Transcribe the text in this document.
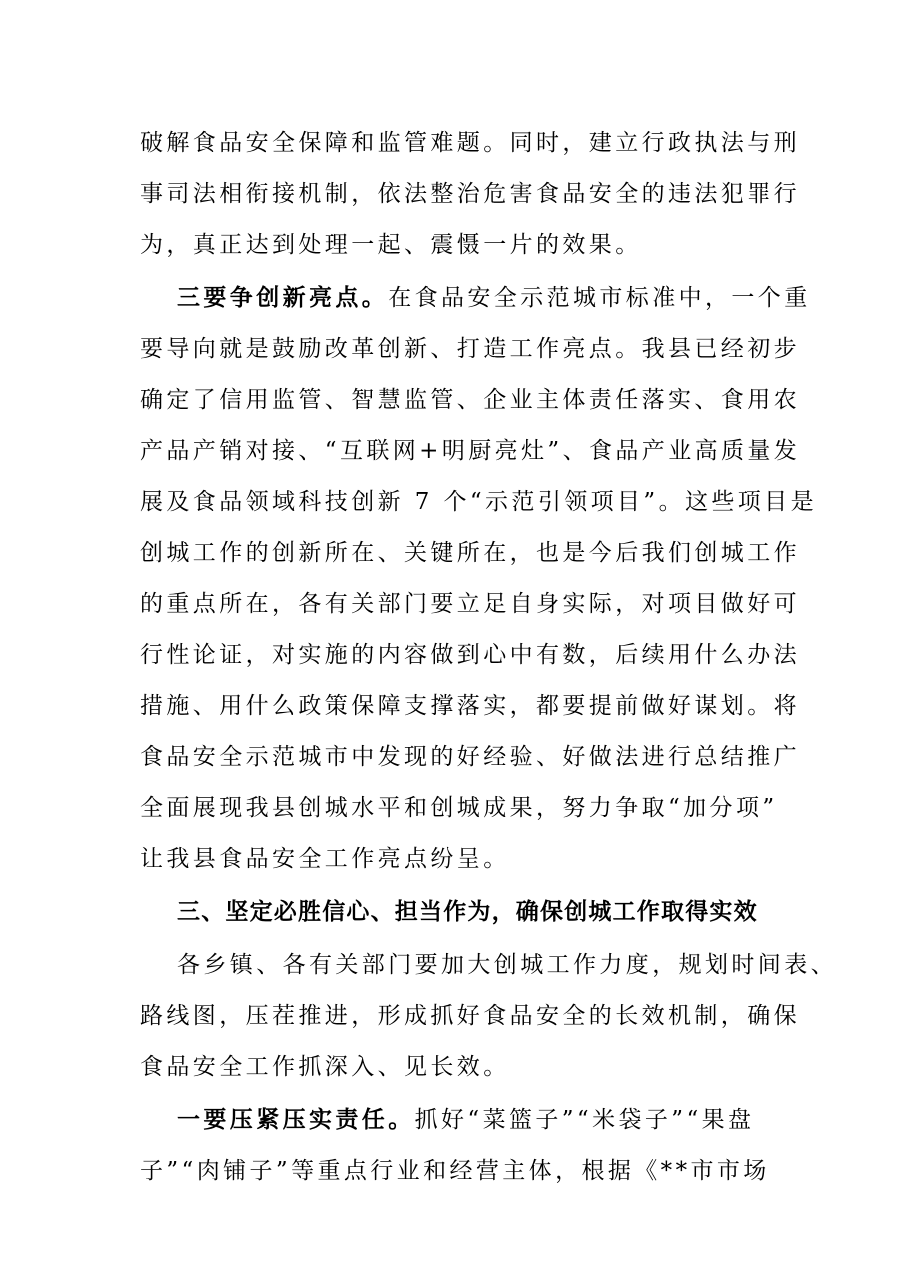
破解食品安全保障和监管难题。同时，建立行政执法与刑
事司法相衔接机制，依法整治危害食品安全的违法犯罪行
为，真正达到处理一起、震慑一片的效果。
三要争创新亮点。在食品安全示范城市标准中，一个重
要导向就是鼓励改革创新、打造工作亮点。我县已经初步
确定了信用监管、智慧监管、企业主体责任落实、食用农
产品产销对接、“互联网+明厨亮灶”、食品产业高质量发
展及食品领域科技创新 7 个“示范引领项目”。这些项目是
创城工作的创新所在、关键所在，也是今后我们创城工作
的重点所在，各有关部门要立足自身实际，对项目做好可
行性论证，对实施的内容做到心中有数，后续用什么办法
措施、用什么政策保障支撑落实，都要提前做好谋划。将
食品安全示范城市中发现的好经验、好做法进行总结推广
全面展现我县创城水平和创城成果，努力争取“加分项”
让我县食品安全工作亮点纷呈。
三、坚定必胜信心、担当作为，确保创城工作取得实效
各乡镇、各有关部门要加大创城工作力度，规划时间表、
路线图，压茬推进，形成抓好食品安全的长效机制，确保
食品安全工作抓深入、见长效。
一要压紧压实责任。抓好“菜篮子”“米袋子”“果盘
子”“肉铺子”等重点行业和经营主体，根据《**市市场
